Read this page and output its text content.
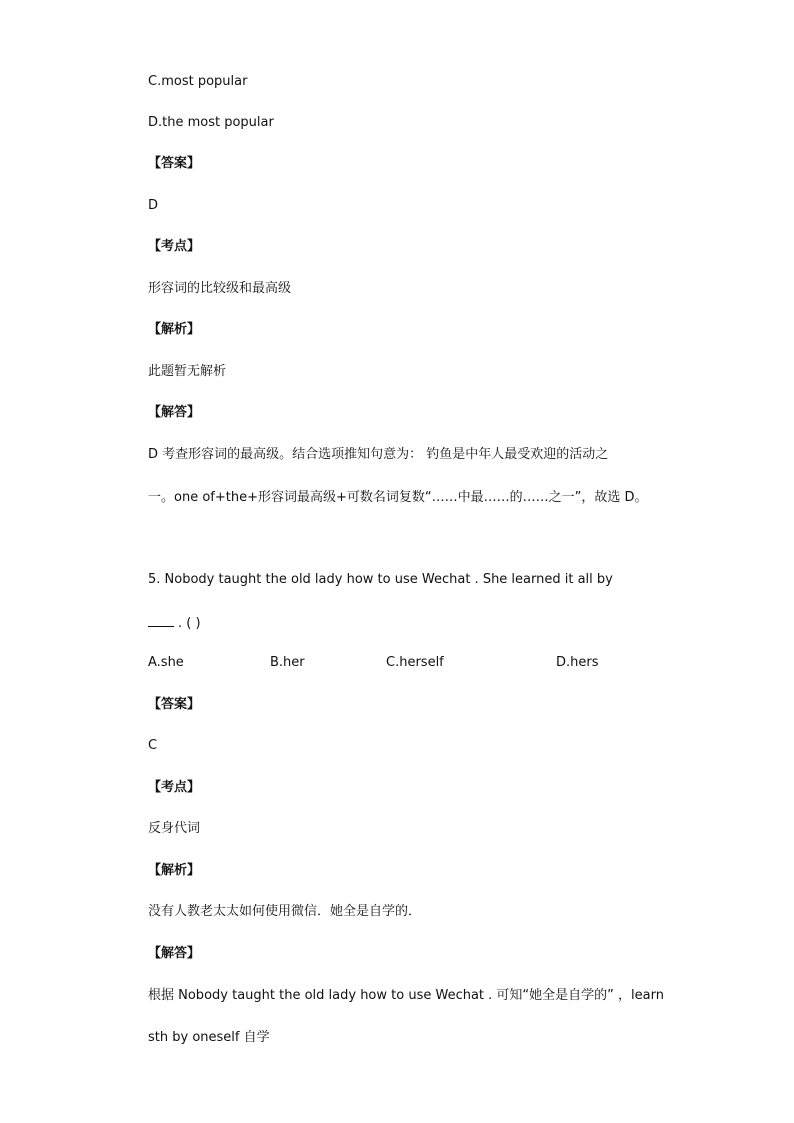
C.most popular
D.the most popular
【答案】
D
【考点】
形容词的比较级和最高级
【解析】
此题暂无解析
【解答】
D 考查形容词的最高级。结合选项推知句意为： 钓鱼是中年人最受欢迎的活动之
一。one of+the+形容词最高级+可数名词复数“……中最……的……之一”，故选 D。
5. Nobody taught the old lady how to use Wechat . She learned it all by
. ( )
A.she	B.her	C.herself	D.hers
【答案】
C
【考点】
反身代词
【解析】
没有人教老太太如何使用微信．她全是自学的．
【解答】
根据 Nobody taught the old lady how to use Wechat . 可知“她全是自学的” ，learn
sth by oneself 自学
